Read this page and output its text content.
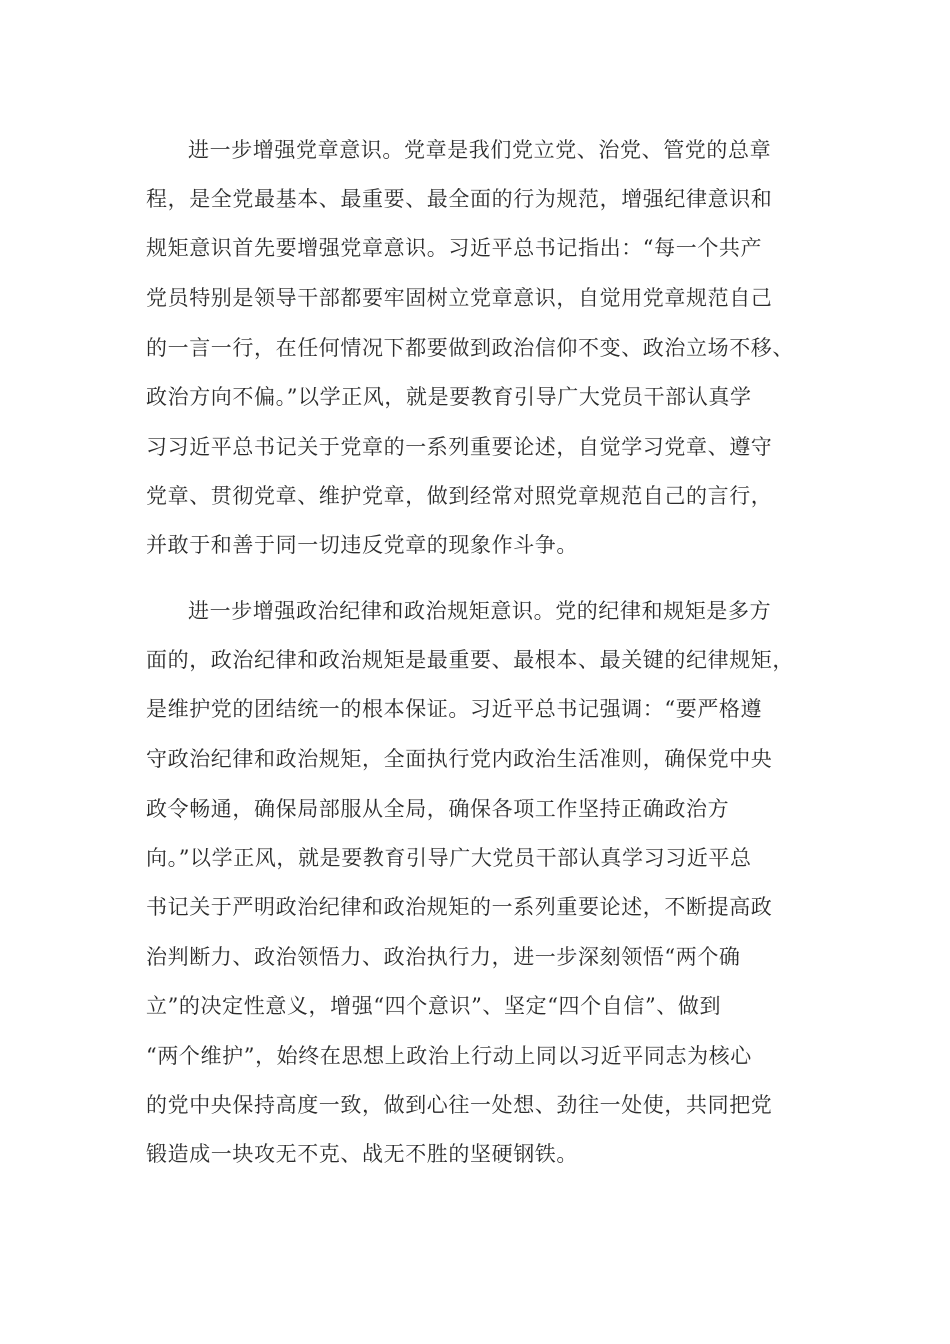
进一步增强党章意识。党章是我们党立党、治党、管党的总章
程，是全党最基本、最重要、最全面的行为规范，增强纪律意识和
规矩意识首先要增强党章意识。习近平总书记指出：“每一个共产
党员特别是领导干部都要牢固树立党章意识，自觉用党章规范自己
的一言一行，在任何情况下都要做到政治信仰不变、政治立场不移、
政治方向不偏。”以学正风，就是要教育引导广大党员干部认真学
习习近平总书记关于党章的一系列重要论述，自觉学习党章、遵守
党章、贯彻党章、维护党章，做到经常对照党章规范自己的言行，
并敢于和善于同一切违反党章的现象作斗争。
进一步增强政治纪律和政治规矩意识。党的纪律和规矩是多方
面的，政治纪律和政治规矩是最重要、最根本、最关键的纪律规矩，
是维护党的团结统一的根本保证。习近平总书记强调：“要严格遵
守政治纪律和政治规矩，全面执行党内政治生活准则，确保党中央
政令畅通，确保局部服从全局，确保各项工作坚持正确政治方
向。”以学正风，就是要教育引导广大党员干部认真学习习近平总
书记关于严明政治纪律和政治规矩的一系列重要论述，不断提高政
治判断力、政治领悟力、政治执行力，进一步深刻领悟“两个确
立”的决定性意义，增强“四个意识”、坚定“四个自信”、做到
“两个维护”，始终在思想上政治上行动上同以习近平同志为核心
的党中央保持高度一致，做到心往一处想、劲往一处使，共同把党
锻造成一块攻无不克、战无不胜的坚硬钢铁。
